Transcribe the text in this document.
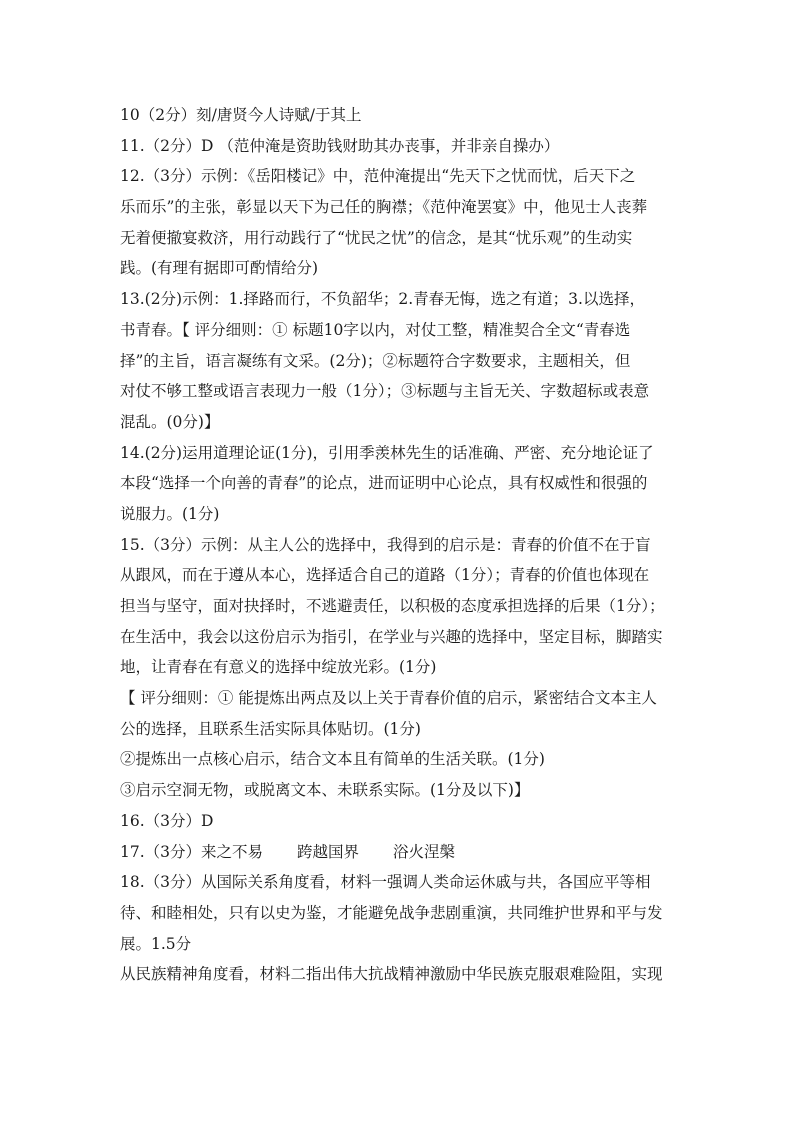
10（2分）刻/唐贤今人诗赋/于其上
11.（2分）D （范仲淹是资助钱财助其办丧事，并非亲自操办）
12.（3分）示例：《岳阳楼记》中，范仲淹提出“先天下之忧而忧，后天下之
乐而乐”的主张，彰显以天下为己任的胸襟；《范仲淹罢宴》中，他见士人丧葬
无着便撤宴救济，用行动践行了“忧民之忧”的信念，是其“忧乐观”的生动实
践。(有理有据即可酌情给分)
13.(2分)示例：1.择路而行，不负韶华；2.青春无悔，选之有道；3.以选择，
书青春。【 评分细则：① 标题10字以内，对仗工整，精准契合全文“青春选
择”的主旨，语言凝练有文采。(2分)；②标题符合字数要求，主题相关，但
对仗不够工整或语言表现力一般（1分）；③标题与主旨无关、字数超标或表意
混乱。(0分)】
14.(2分)运用道理论证(1分)，引用季羡林先生的话准确、严密、充分地论证了
本段“选择一个向善的青春”的论点，进而证明中心论点，具有权威性和很强的
说服力。(1分)
15.（3分）示例：从主人公的选择中，我得到的启示是：青春的价值不在于盲
从跟风，而在于遵从本心，选择适合自己的道路（1分）；青春的价值也体现在
担当与坚守，面对抉择时，不逃避责任，以积极的态度承担选择的后果（1分）；
在生活中，我会以这份启示为指引，在学业与兴趣的选择中，坚定目标，脚踏实
地，让青春在有意义的选择中绽放光彩。(1分)
【 评分细则：① 能提炼出两点及以上关于青春价值的启示，紧密结合文本主人
公的选择，且联系生活实际具体贴切。(1分)
②提炼出一点核心启示，结合文本且有简单的生活关联。(1分)
③启示空洞无物，或脱离文本、未联系实际。(1分及以下)】
16.（3分）D
17.（3分）来之不易 跨越国界 浴火涅槃
18.（3分）从国际关系角度看，材料一强调人类命运休戚与共，各国应平等相
待、和睦相处，只有以史为鉴，才能避免战争悲剧重演，共同维护世界和平与发
展。1.5分
从民族精神角度看，材料二指出伟大抗战精神激励中华民族克服艰难险阻，实现
